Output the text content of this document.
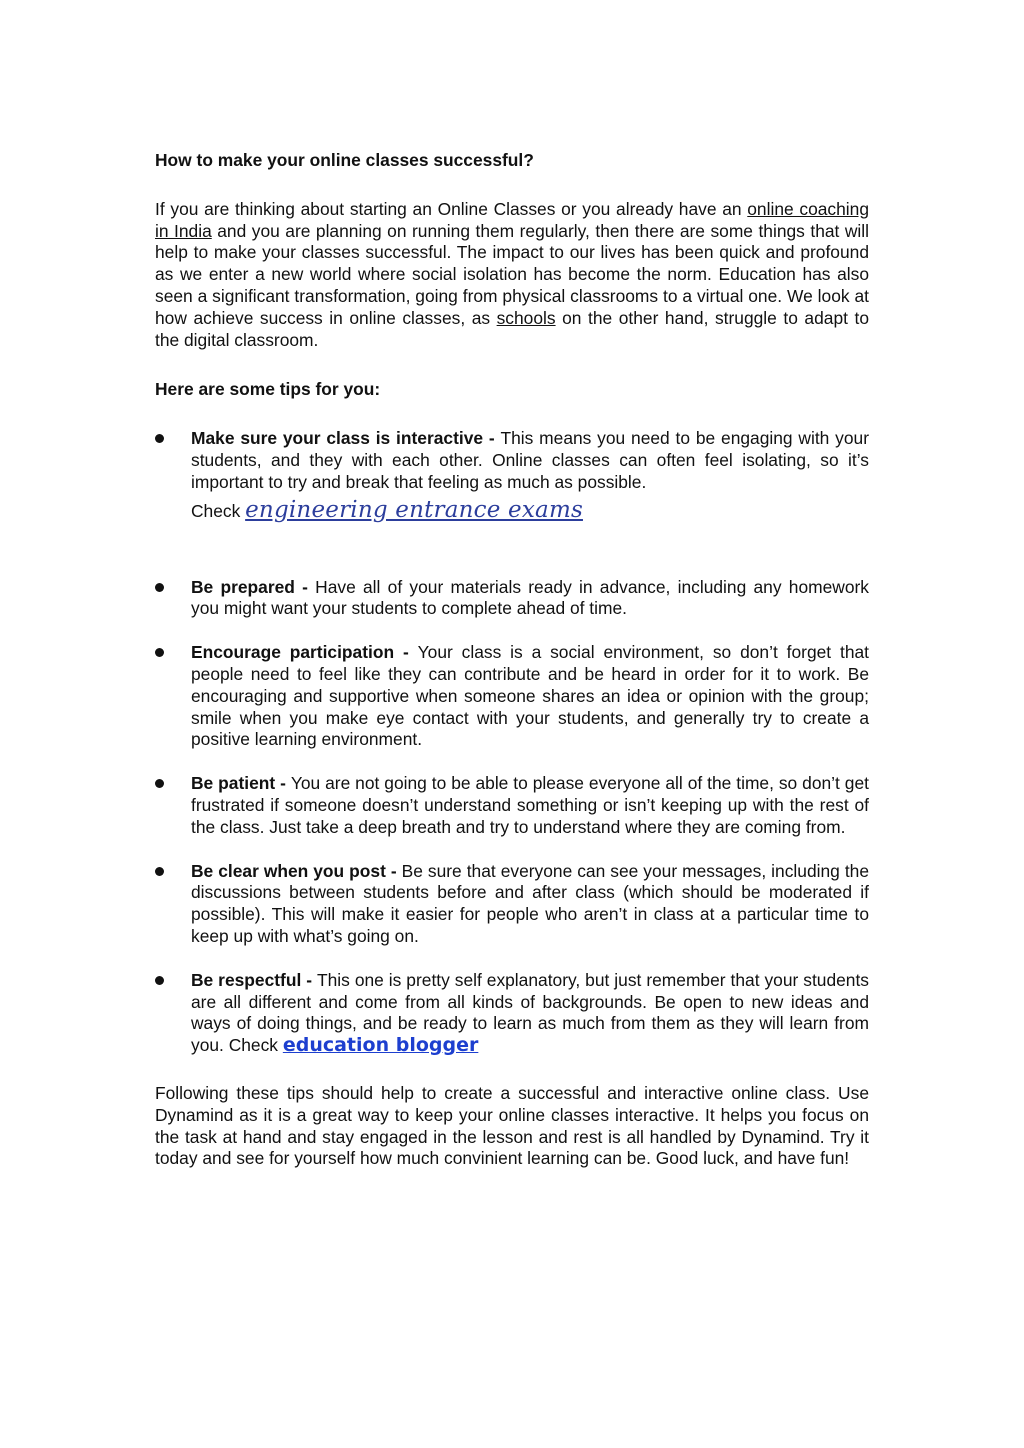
How to make your online classes successful?

If you are thinking about starting an Online Classes or you already have an online coaching in India and you are planning on running them regularly, then there are some things that will help to make your classes successful. The impact to our lives has been quick and profound as we enter a new world where social isolation has become the norm. Education has also seen a significant transformation, going from physical classrooms to a virtual one. We look at how achieve success in online classes, as schools on the other hand, struggle to adapt to the digital classroom.

Here are some tips for you:
Make sure your class is interactive - This means you need to be engaging with your students, and they with each other. Online classes can often feel isolating, so it’s important to try and break that feeling as much as possible.
Check engineering entrance exams
Be prepared - Have all of your materials ready in advance, including any homework you might want your students to complete ahead of time.
Encourage participation - Your class is a social environment, so don’t forget that people need to feel like they can contribute and be heard in order for it to work. Be encouraging and supportive when someone shares an idea or opinion with the group; smile when you make eye contact with your students, and generally try to create a positive learning environment.
Be patient - You are not going to be able to please everyone all of the time, so don’t get frustrated if someone doesn’t understand something or isn’t keeping up with the rest of the class. Just take a deep breath and try to understand where they are coming from.
Be clear when you post - Be sure that everyone can see your messages, including the discussions between students before and after class (which should be moderated if possible). This will make it easier for people who aren’t in class at a particular time to keep up with what’s going on.
Be respectful - This one is pretty self explanatory, but just remember that your students are all different and come from all kinds of backgrounds. Be open to new ideas and ways of doing things, and be ready to learn as much from them as they will learn from you. Check education blogger

Following these tips should help to create a successful and interactive online class. Use Dynamind as it is a great way to keep your online classes interactive. It helps you focus on the task at hand and stay engaged in the lesson and rest is all handled by Dynamind. Try it today and see for yourself how much convinient learning can be. Good luck, and have fun!
